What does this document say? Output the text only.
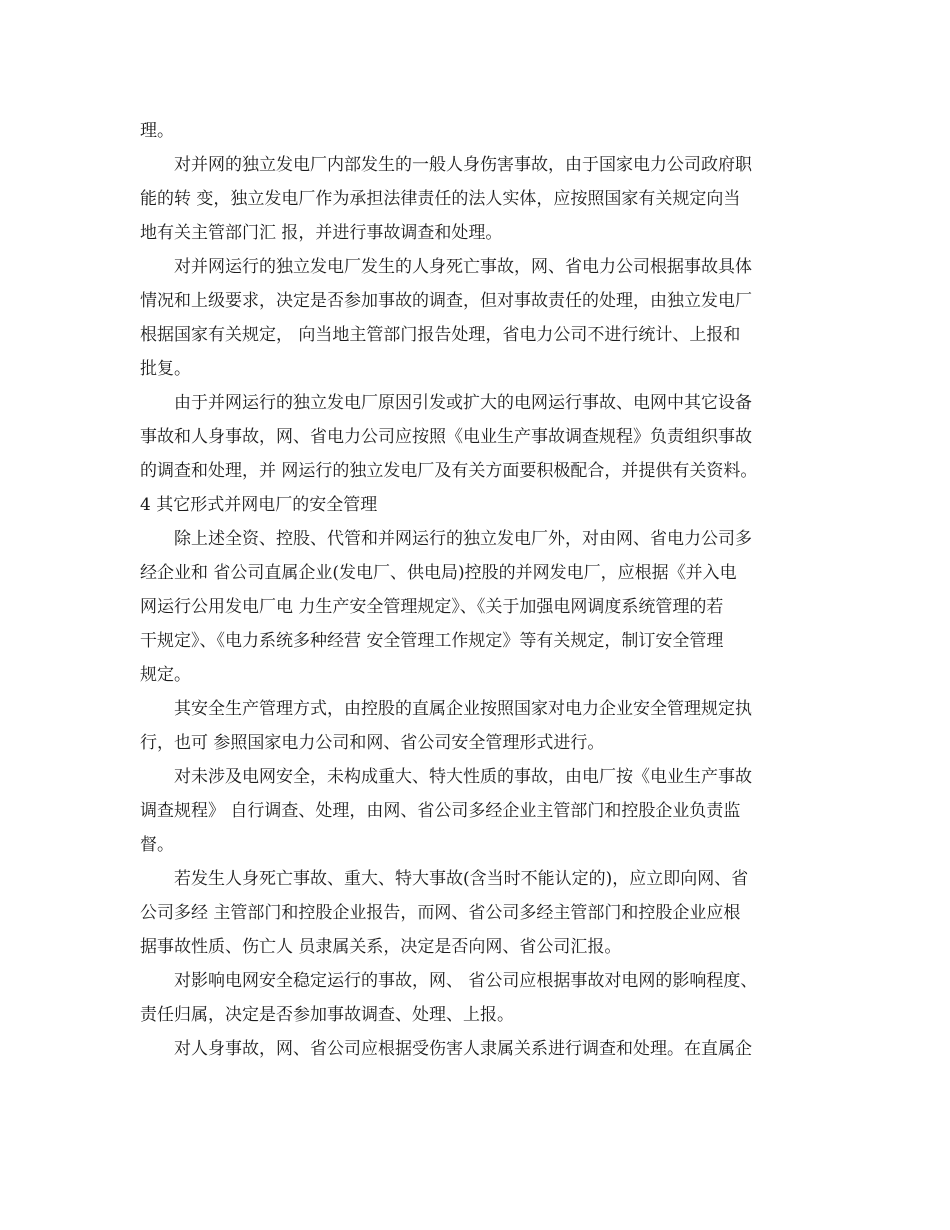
理。
对并网的独立发电厂内部发生的一般人身伤害事故，由于国家电力公司政府职
能的转 变，独立发电厂作为承担法律责任的法人实体，应按照国家有关规定向当
地有关主管部门汇 报，并进行事故调查和处理。
对并网运行的独立发电厂发生的人身死亡事故，网、省电力公司根据事故具体
情况和上级要求，决定是否参加事故的调查，但对事故责任的处理，由独立发电厂
根据国家有关规定， 向当地主管部门报告处理，省电力公司不进行统计、上报和
批复。
由于并网运行的独立发电厂原因引发或扩大的电网运行事故、电网中其它设备
事故和人身事故，网、省电力公司应按照《电业生产事故调查规程》负责组织事故
的调查和处理，并 网运行的独立发电厂及有关方面要积极配合，并提供有关资料。
4 其它形式并网电厂的安全管理
除上述全资、控股、代管和并网运行的独立发电厂外，对由网、省电力公司多
经企业和 省公司直属企业(发电厂、供电局)控股的并网发电厂，应根据《并入电
网运行公用发电厂电 力生产安全管理规定》、《关于加强电网调度系统管理的若
干规定》、《电力系统多种经营 安全管理工作规定》等有关规定，制订安全管理
规定。
其安全生产管理方式，由控股的直属企业按照国家对电力企业安全管理规定执
行，也可 参照国家电力公司和网、省公司安全管理形式进行。
对未涉及电网安全，未构成重大、特大性质的事故，由电厂按《电业生产事故
调查规程》 自行调查、处理，由网、省公司多经企业主管部门和控股企业负责监
督。
若发生人身死亡事故、重大、特大事故(含当时不能认定的)，应立即向网、省
公司多经 主管部门和控股企业报告，而网、省公司多经主管部门和控股企业应根
据事故性质、伤亡人 员隶属关系，决定是否向网、省公司汇报。
对影响电网安全稳定运行的事故，网、 省公司应根据事故对电网的影响程度、
责任归属，决定是否参加事故调查、处理、上报。
对人身事故，网、省公司应根据受伤害人隶属关系进行调查和处理。在直属企
